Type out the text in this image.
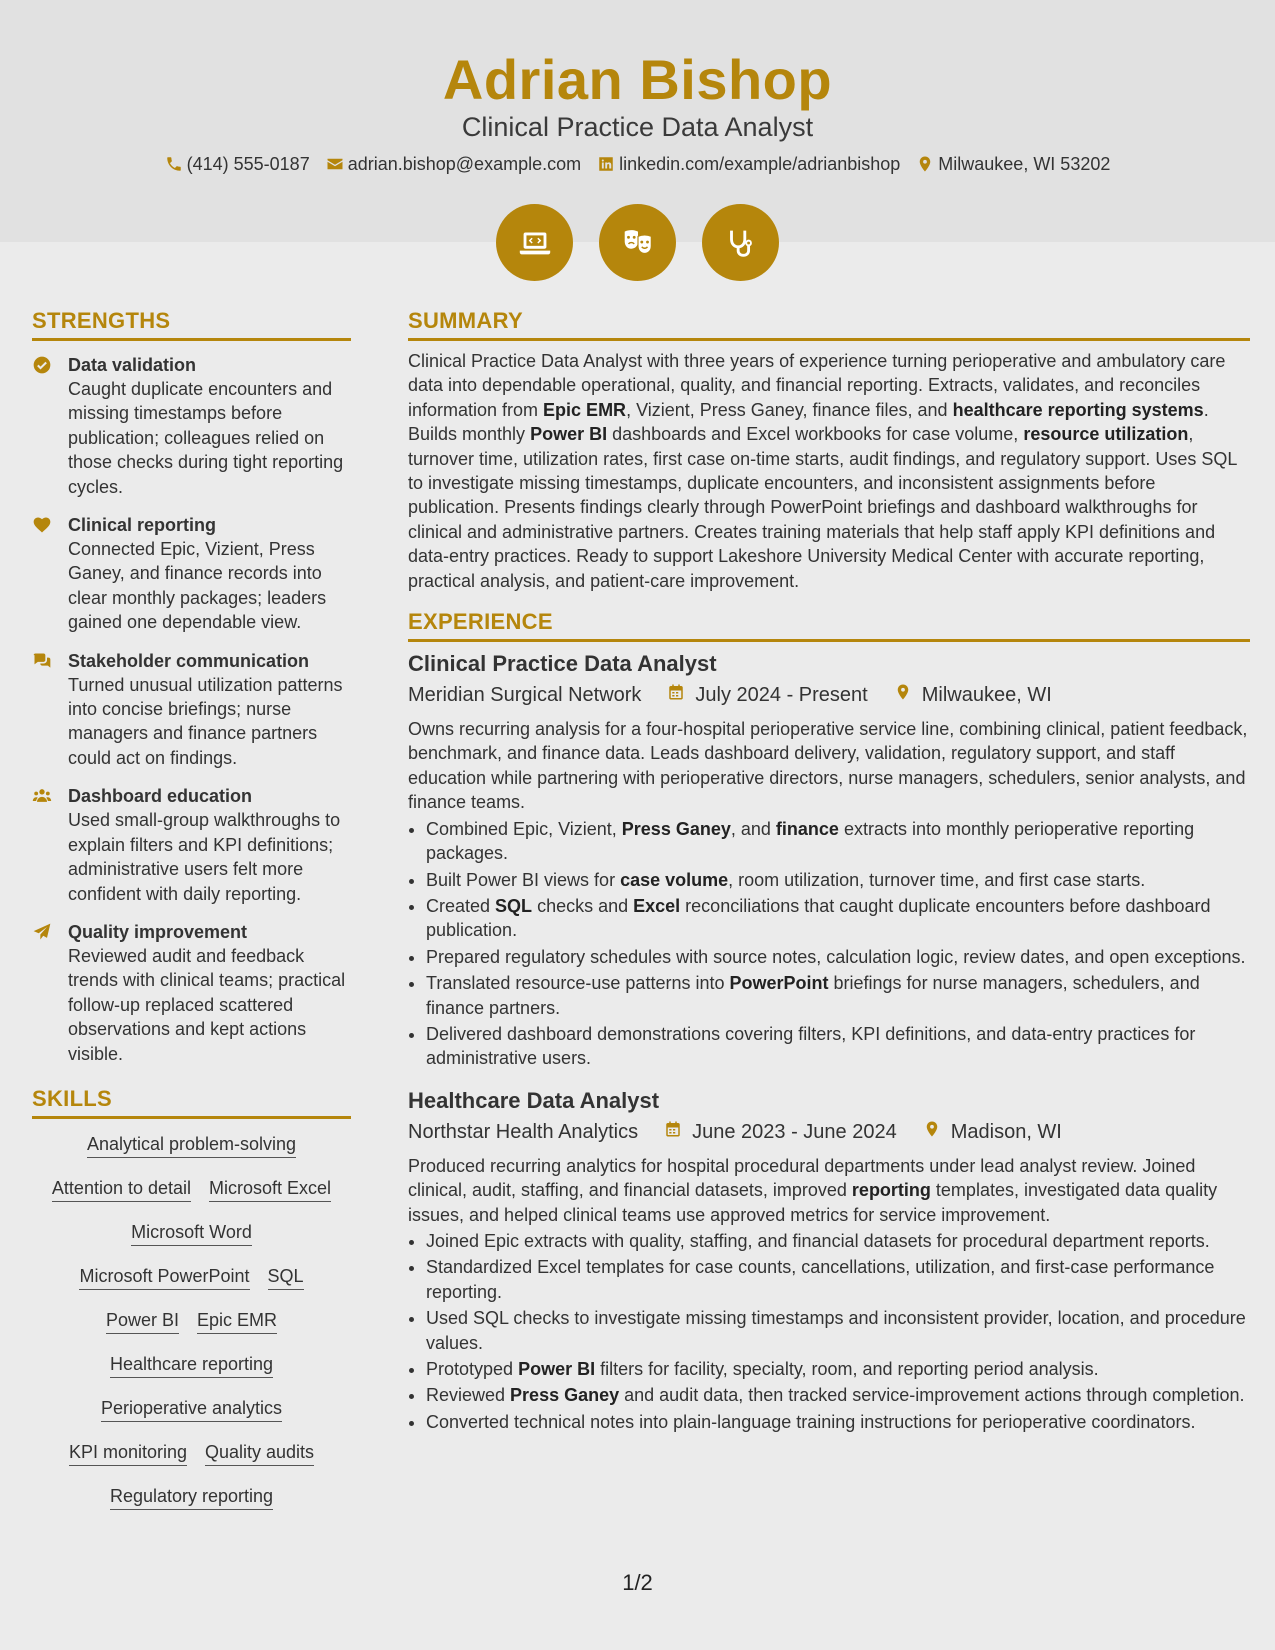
Adrian Bishop
Clinical Practice Data Analyst
(414) 555-0187 adrian.bishop@example.com linkedin.com/example/adrianbishop Milwaukee, WI 53202
STRENGTHS
Data validation
Caught duplicate encounters and missing timestamps before publication; colleagues relied on those checks during tight reporting cycles.
Clinical reporting
Connected Epic, Vizient, Press Ganey, and finance records into clear monthly packages; leaders gained one dependable view.
Stakeholder communication
Turned unusual utilization patterns into concise briefings; nurse managers and finance partners could act on findings.
Dashboard education
Used small-group walkthroughs to explain filters and KPI definitions; administrative users felt more confident with daily reporting.
Quality improvement
Reviewed audit and feedback trends with clinical teams; practical follow-up replaced scattered observations and kept actions visible.
SKILLS
Analytical problem-solving
Attention to detail Microsoft Excel
Microsoft Word
Microsoft PowerPoint SQL
Power BI Epic EMR
Healthcare reporting
Perioperative analytics
KPI monitoring Quality audits
Regulatory reporting
SUMMARY
Clinical Practice Data Analyst with three years of experience turning perioperative and ambulatory care data into dependable operational, quality, and financial reporting. Extracts, validates, and reconciles information from Epic EMR, Vizient, Press Ganey, finance files, and healthcare reporting systems. Builds monthly Power BI dashboards and Excel workbooks for case volume, resource utilization, turnover time, utilization rates, first case on-time starts, audit findings, and regulatory support. Uses SQL to investigate missing timestamps, duplicate encounters, and inconsistent assignments before publication. Presents findings clearly through PowerPoint briefings and dashboard walkthroughs for clinical and administrative partners. Creates training materials that help staff apply KPI definitions and data-entry practices. Ready to support Lakeshore University Medical Center with accurate reporting, practical analysis, and patient-care improvement.
EXPERIENCE
Clinical Practice Data Analyst
Meridian Surgical Network	July 2024 - Present	Milwaukee, WI
Owns recurring analysis for a four-hospital perioperative service line, combining clinical, patient feedback, benchmark, and finance data. Leads dashboard delivery, validation, regulatory support, and staff education while partnering with perioperative directors, nurse managers, schedulers, senior analysts, and finance teams.
• Combined Epic, Vizient, Press Ganey, and finance extracts into monthly perioperative reporting packages.
• Built Power BI views for case volume, room utilization, turnover time, and first case starts.
• Created SQL checks and Excel reconciliations that caught duplicate encounters before dashboard publication.
• Prepared regulatory schedules with source notes, calculation logic, review dates, and open exceptions.
• Translated resource-use patterns into PowerPoint briefings for nurse managers, schedulers, and finance partners.
• Delivered dashboard demonstrations covering filters, KPI definitions, and data-entry practices for administrative users.
Healthcare Data Analyst
Northstar Health Analytics	June 2023 - June 2024	Madison, WI
Produced recurring analytics for hospital procedural departments under lead analyst review. Joined clinical, audit, staffing, and financial datasets, improved reporting templates, investigated data quality issues, and helped clinical teams use approved metrics for service improvement.
• Joined Epic extracts with quality, staffing, and financial datasets for procedural department reports.
• Standardized Excel templates for case counts, cancellations, utilization, and first-case performance reporting.
• Used SQL checks to investigate missing timestamps and inconsistent provider, location, and procedure values.
• Prototyped Power BI filters for facility, specialty, room, and reporting period analysis.
• Reviewed Press Ganey and audit data, then tracked service-improvement actions through completion.
• Converted technical notes into plain-language training instructions for perioperative coordinators.
1/2
